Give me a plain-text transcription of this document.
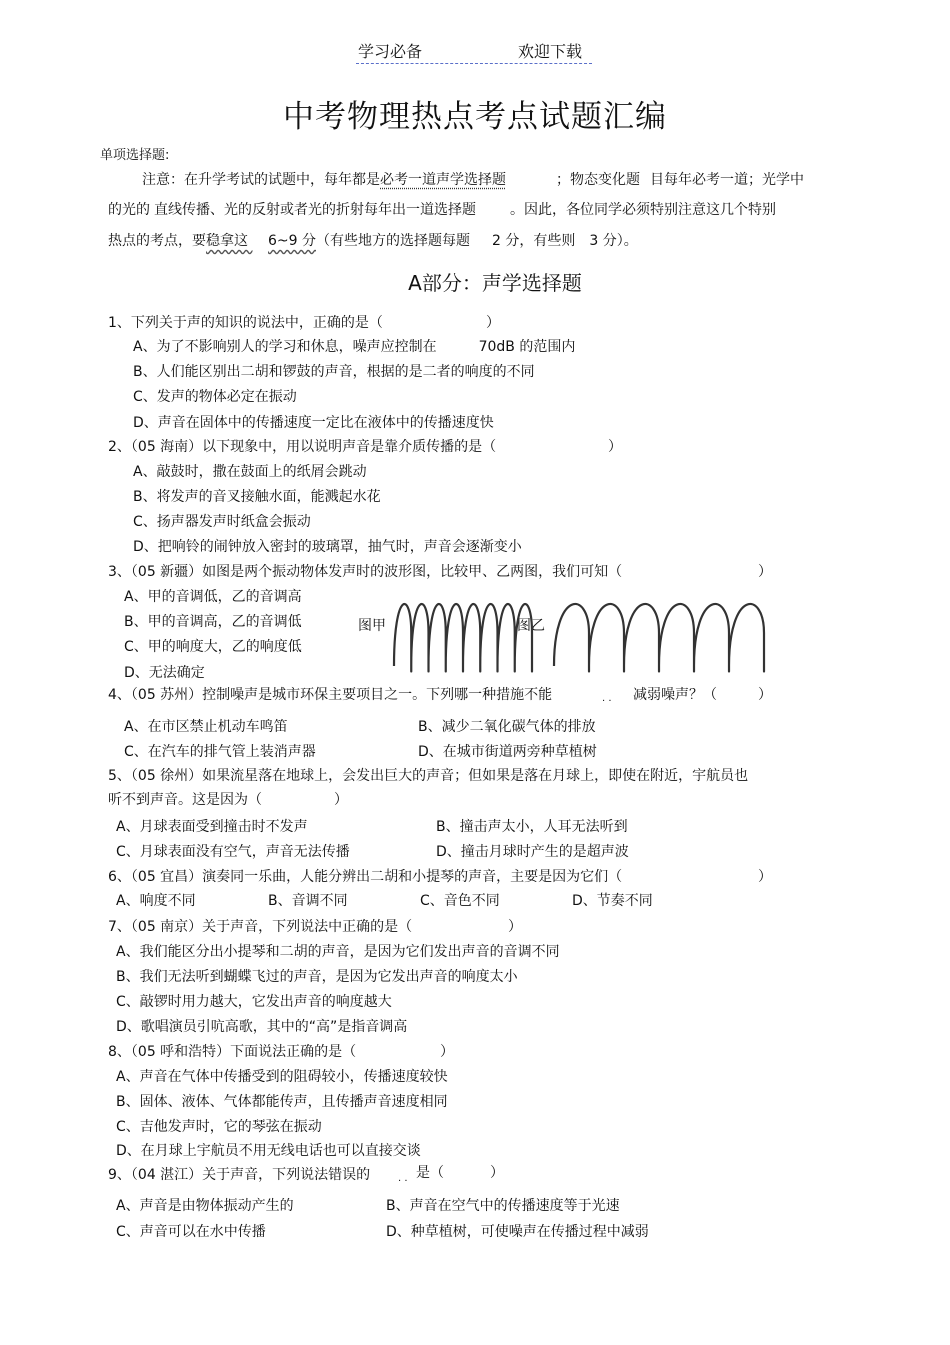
学习必备	欢迎下载
中考物理热点考点试题汇编
单项选择题:
注意：在升学考试的试题中，每年都是必考一道声学选择题	；物态变化题 目每年必考一道；光学中
的光的 直线传播、光的反射或者光的折射每年出一道选择题 。因此，各位同学必须特别注意这几个特别
热点的考点，要稳拿这 6~9 分（有些地方的选择题每题 2 分，有些则 3 分）。
A部分：声学选择题
1、下列关于声的知识的说法中，正确的是（	）
A、为了不影响别人的学习和休息，噪声应控制在	70dB 的范围内
B、人们能区别出二胡和锣鼓的声音，根据的是二者的响度的不同
C、发声的物体必定在振动
D、声音在固体中的传播速度一定比在液体中的传播速度快
2、（05 海南）以下现象中，用以说明声音是靠介质传播的是（	）
A、敲鼓时，撒在鼓面上的纸屑会跳动
B、将发声的音叉接触水面，能溅起水花
C、扬声器发声时纸盒会振动
D、把响铃的闹钟放入密封的玻璃罩，抽气时，声音会逐渐变小
3、（05 新疆）如图是两个振动物体发声时的波形图，比较甲、乙两图，我们可知（	）
A、甲的音调低，乙的音调高
B、甲的音调高，乙的音调低
C、甲的响度大，乙的响度低
D、无法确定
图甲	图乙
4、（05 苏州）控制噪声是城市环保主要项目之一。下列哪一种措施不能	. . 减弱噪声？（	）
A、在市区禁止机动车鸣笛	B、减少二氧化碳气体的排放
C、在汽车的排气管上装消声器	D、在城市街道两旁种草植树
5、（05 徐州）如果流星落在地球上，会发出巨大的声音；但如果是落在月球上，即使在附近，宇航员也
听不到声音。这是因为（	）
A、月球表面受到撞击时不发声	B、撞击声太小，人耳无法听到
C、月球表面没有空气，声音无法传播	D、撞击月球时产生的是超声波
6、（05 宜昌）演奏同一乐曲，人能分辨出二胡和小提琴的声音，主要是因为它们（	）
A、响度不同	B、音调不同	C、音色不同	D、节奏不同
7、（05 南京）关于声音，下列说法中正确的是（	）
A、我们能区分出小提琴和二胡的声音，是因为它们发出声音的音调不同
B、我们无法听到蝴蝶飞过的声音，是因为它发出声音的响度太小
C、敲锣时用力越大，它发出声音的响度越大
D、歌唱演员引吭高歌，其中的“高”是指音调高
8、（05 呼和浩特）下面说法正确的是（	）
A、声音在气体中传播受到的阻碍较小，传播速度较快
B、固体、液体、气体都能传声，且传播声音速度相同
C、吉他发声时，它的琴弦在振动
D、在月球上宇航员不用无线电话也可以直接交谈
9、（04 湛江）关于声音，下列说法错误的	. . 是（	）
A、声音是由物体振动产生的	B、声音在空气中的传播速度等于光速
C、声音可以在水中传播	D、种草植树，可使噪声在传播过程中减弱
